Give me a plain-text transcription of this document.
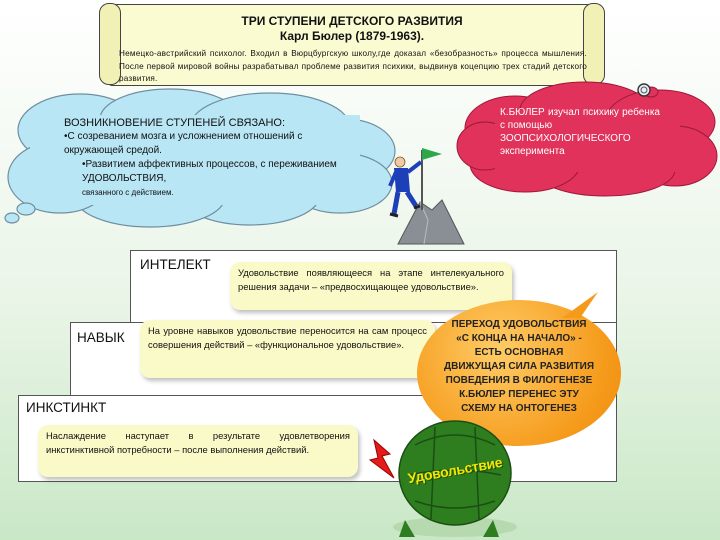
ТРИ СТУПЕНИ ДЕТСКОГО РАЗВИТИЯ
Карл Бюлер (1879-1963).
Немецко-австрийский психолог. Входил в Вюрцбургскую школу,где доказал «безобразность» процесса мышления. После первой мировой войны разрабатывал проблеме развития психики, выдвинув коцепцию трех стадий детского развития.
ВОЗНИКНОВЕНИЕ СТУПЕНЕЙ СВЯЗАНО:
•С созреванием мозга и усложнением отношений с окружающей средой.
•Развитием аффективных процессов, с переживанием УДОВОЛЬСТВИЯ,
связанного с действием.
К.БЮЛЕР изучал психику ребенка с помощью
ЗООПСИХОЛОГИЧЕСКОГО
эксперимента
ИНТЕЛЕКТ
НАВЫК
ИНКСТИНКТ
Удовольствие появляющееся на этапе интелекуального решения задачи – «предвосхищающее удовольствие».
На уровне навыков удовольствие переносится на сам процесс совершения действий – «функциональное удовольствие».
Наслаждение наступает в результате удовлетворения инкстинктивной потребности – после выполнения действий.
ПЕРЕХОД УДОВОЛЬСТВИЯ «С КОНЦА НА НАЧАЛО» - ЕСТЬ ОСНОВНАЯ ДВИЖУЩАЯ СИЛА РАЗВИТИЯ ПОВЕДЕНИЯ В ФИЛОГЕНЕЗЕ К.БЮЛЕР ПЕРЕНЕС ЭТУ СХЕМУ НА ОНТОГЕНЕЗ
Удовольствие
